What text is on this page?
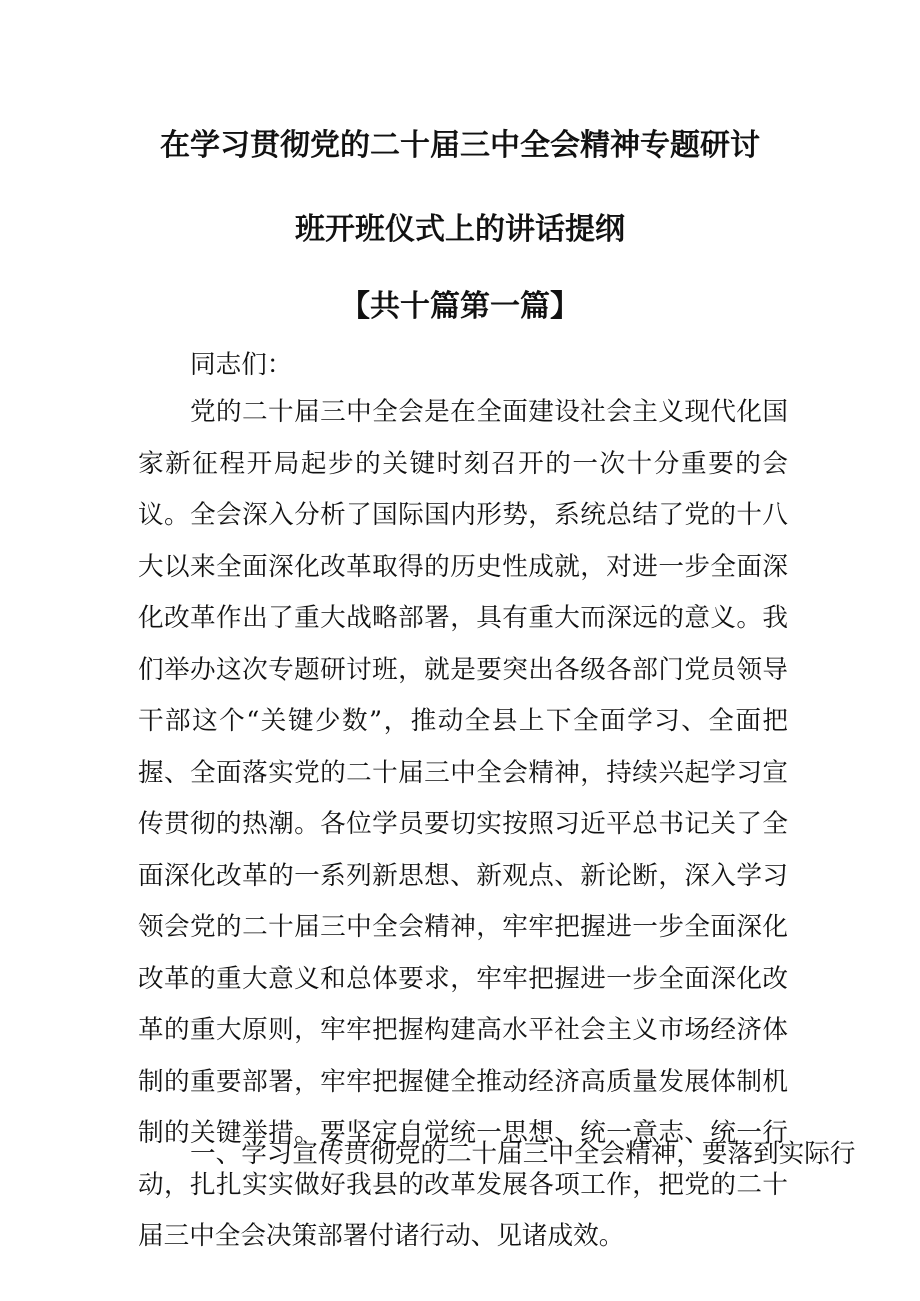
在学习贯彻党的二十届三中全会精神专题研讨
班开班仪式上的讲话提纲
【共十篇第一篇】
同志们：
党的二十届三中全会是在全面建设社会主义现代化国家新征程开局起步的关键时刻召开的一次十分重要的会议。全会深入分析了国际国内形势，系统总结了党的十八大以来全面深化改革取得的历史性成就，对进一步全面深化改革作出了重大战略部署，具有重大而深远的意义。我们举办这次专题研讨班，就是要突出各级各部门党员领导干部这个“关键少数”，推动全县上下全面学习、全面把握、全面落实党的二十届三中全会精神，持续兴起学习宣传贯彻的热潮。各位学员要切实按照习近平总书记关了全面深化改革的一系列新思想、新观点、新论断，深入学习领会党的二十届三中全会精神，牢牢把握进一步全面深化改革的重大意义和总体要求，牢牢把握进一步全面深化改革的重大原则，牢牢把握构建高水平社会主义市场经济体制的重要部署，牢牢把握健全推动经济高质量发展体制机制的关键举措。要坚定自觉统一思想、统一意志、统一行动，扎扎实实做好我县的改革发展各项工作，把党的二十届三中全会决策部署付诸行动、见诸成效。
一、学习宣传贯彻党的二十届三中全会精神，要落到实际行
